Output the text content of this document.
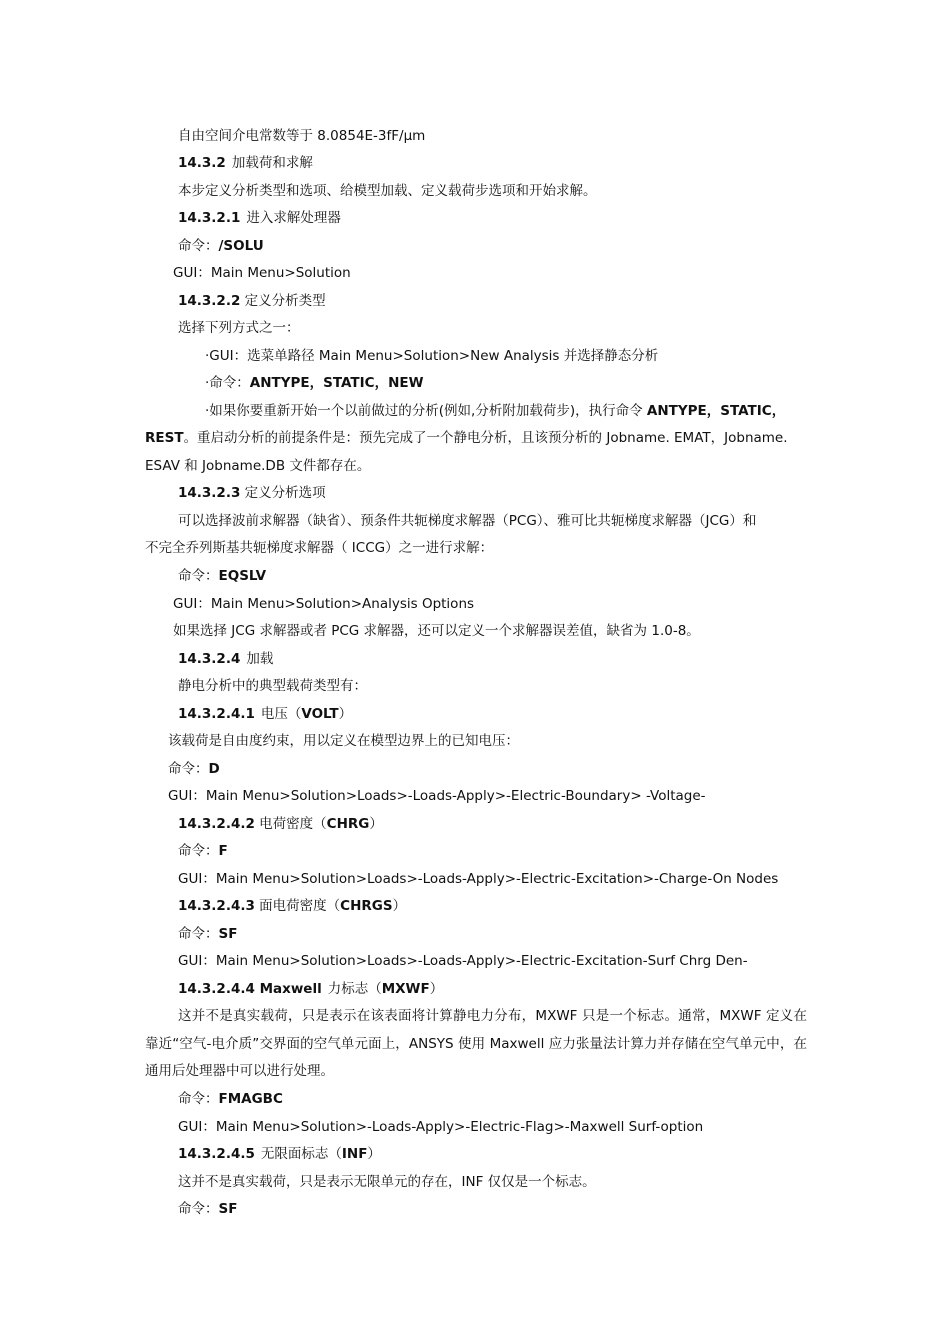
自由空间介电常数等于 8.0854E-3fF/µm
14.3.2 加载荷和求解
本步定义分析类型和选项、给模型加载、定义载荷步选项和开始求解。
14.3.2.1 进入求解处理器
命令：/SOLU
GUI：Main Menu>Solution
14.3.2.2 定义分析类型
选择下列方式之一：
·GUI：选菜单路径 Main Menu>Solution>New Analysis 并选择静态分析
·命令：ANTYPE，STATIC，NEW
·如果你要重新开始一个以前做过的分析(例如,分析附加载荷步)，执行命令 ANTYPE，STATIC，
REST。重启动分析的前提条件是：预先完成了一个静电分析，且该预分析的 Jobname. EMAT，Jobname.
ESAV 和 Jobname.DB 文件都存在。
14.3.2.3 定义分析选项
可以选择波前求解器（缺省）、预条件共轭梯度求解器（PCG）、雅可比共轭梯度求解器（JCG）和
不完全乔列斯基共轭梯度求解器（ ICCG）之一进行求解：
命令：EQSLV
GUI：Main Menu>Solution>Analysis Options
如果选择 JCG 求解器或者 PCG 求解器，还可以定义一个求解器误差值，缺省为 1.0-8。
14.3.2.4 加载
静电分析中的典型载荷类型有：
14.3.2.4.1 电压（VOLT）
该载荷是自由度约束，用以定义在模型边界上的已知电压：
命令：D
GUI：Main Menu>Solution>Loads>-Loads-Apply>-Electric-Boundary> -Voltage-
14.3.2.4.2 电荷密度（CHRG）
命令：F
GUI：Main Menu>Solution>Loads>-Loads-Apply>-Electric-Excitation>-Charge-On Nodes
14.3.2.4.3 面电荷密度（CHRGS）
命令：SF
GUI：Main Menu>Solution>Loads>-Loads-Apply>-Electric-Excitation-Surf Chrg Den-
14.3.2.4.4 Maxwell 力标志（MXWF）
这并不是真实载荷，只是表示在该表面将计算静电力分布，MXWF 只是一个标志。通常，MXWF 定义在靠近“空气-电介质”交界面的空气单元面上，ANSYS 使用 Maxwell 应力张量法计算力并存储在空气单元中，在通用后处理器中可以进行处理。
命令：FMAGBC
GUI：Main Menu>Solution>-Loads-Apply>-Electric-Flag>-Maxwell Surf-option
14.3.2.4.5 无限面标志（INF）
这并不是真实载荷，只是表示无限单元的存在，INF 仅仅是一个标志。
命令：SF
